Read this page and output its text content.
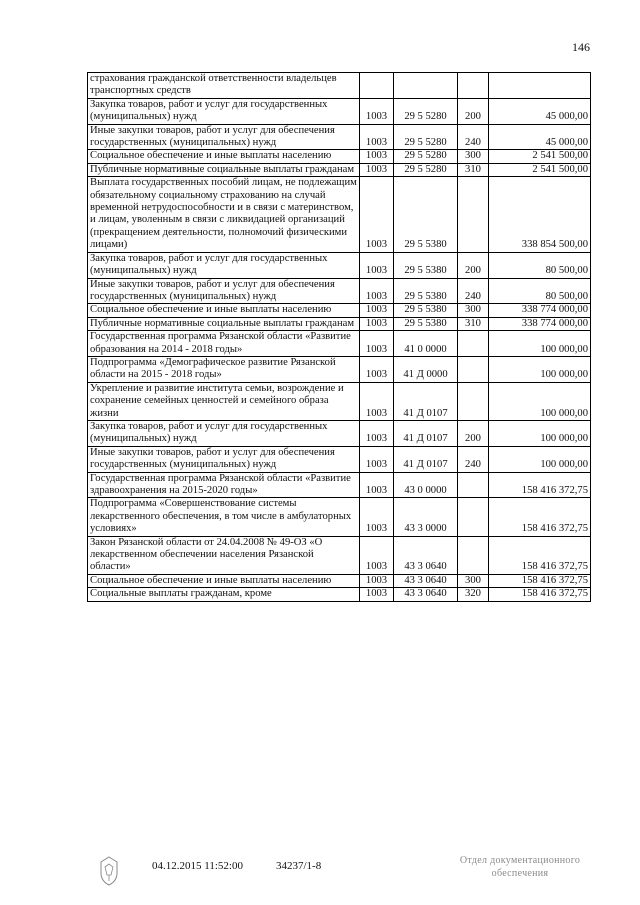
146
страхования гражданской ответственности владельцев транспортных средств				
Закупка товаров, работ и услуг для государственных (муниципальных) нужд	1003	29 5 5280	200	45 000,00
Иные закупки товаров, работ и услуг для обеспечения государственных (муниципальных) нужд	1003	29 5 5280	240	45 000,00
Социальное обеспечение и иные выплаты населению	1003	29 5 5280	300	2 541 500,00
Публичные нормативные социальные выплаты гражданам	1003	29 5 5280	310	2 541 500,00
Выплата государственных пособий лицам, не подлежащим обязательному социальному страхованию на случай временной нетрудоспособности и в связи с материнством, и лицам, уволенным в связи с ликвидацией организаций (прекращением деятельности, полномочий физическими лицами)	1003	29 5 5380		338 854 500,00
Закупка товаров, работ и услуг для государственных (муниципальных) нужд	1003	29 5 5380	200	80 500,00
Иные закупки товаров, работ и услуг для обеспечения государственных (муниципальных) нужд	1003	29 5 5380	240	80 500,00
Социальное обеспечение и иные выплаты населению	1003	29 5 5380	300	338 774 000,00
Публичные нормативные социальные выплаты гражданам	1003	29 5 5380	310	338 774 000,00
Государственная программа Рязанской области «Развитие образования на 2014 - 2018 годы»	1003	41 0 0000		100 000,00
Подпрограмма «Демографическое развитие Рязанской области на 2015 - 2018 годы»	1003	41 Д 0000		100 000,00
Укрепление и развитие института семьи, возрождение и сохранение семейных ценностей и семейного образа жизни	1003	41 Д 0107		100 000,00
Закупка товаров, работ и услуг для государственных (муниципальных) нужд	1003	41 Д 0107	200	100 000,00
Иные закупки товаров, работ и услуг для обеспечения государственных (муниципальных) нужд	1003	41 Д 0107	240	100 000,00
Государственная программа Рязанской области «Развитие здравоохранения на 2015-2020 годы»	1003	43 0 0000		158 416 372,75
Подпрограмма «Совершенствование системы лекарственного обеспечения, в том числе в амбулаторных условиях»	1003	43 3 0000		158 416 372,75
Закон Рязанской области от 24.04.2008 № 49-ОЗ «О лекарственном обеспечении населения Рязанской области»	1003	43 3 0640		158 416 372,75
Социальное обеспечение и иные выплаты населению	1003	43 3 0640	300	158 416 372,75
Социальные выплаты гражданам, кроме	1003	43 3 0640	320	158 416 372,75
04.12.2015 11:52:00	34237/1-8	Отдел документационного
обеспечения
